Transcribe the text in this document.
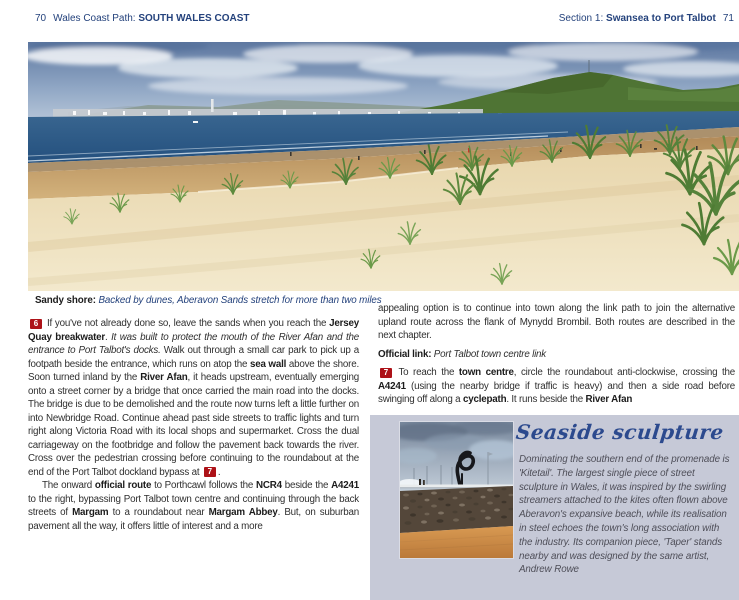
70 Wales Coast Path: SOUTH WALES COAST	Section 1: Swansea to Port Talbot 71
Sandy shore: Backed by dunes, Aberavon Sands stretch for more than two miles

6 If you've not already done so, leave the sands when you reach the Jersey Quay breakwater. It was built to protect the mouth of the River Afan and the entrance to Port Talbot's docks. Walk out through a small car park to pick up a footpath beside the entrance, which runs on atop the sea wall above the shore. Soon turned inland by the River Afan, it heads upstream, eventually emerging onto a street corner by a bridge that once carried the main road into the docks. The bridge is due to be demolished and the route now turns left a little further on into Newbridge Road. Continue ahead past side streets to traffic lights and turn right along Victoria Road with its local shops and supermarket. Cross the dual carriageway on the footbridge and follow the pavement back towards the river. Cross over the pedestrian crossing before continuing to the roundabout at the end of the Port Talbot dockland bypass at 7 .

The onward official route to Porthcawl follows the NCR4 beside the A4241 to the right, bypassing Port Talbot town centre and continuing through the back streets of Margam to a roundabout near Margam Abbey. But, on suburban pavement all the way, it offers little of interest and a more

appealing option is to continue into town along the link path to join the alternative upland route across the flank of Mynydd Brombil. Both routes are described in the next chapter.

Official link: Port Talbot town centre link

7 To reach the town centre, circle the roundabout anti-clockwise, crossing the A4241 (using the nearby bridge if traffic is heavy) and then a side road before swinging off along a cyclepath. It runs beside the River Afan

Seaside sculpture
Dominating the southern end of the promenade is 'Kitetail'. The largest single piece of street sculpture in Wales, it was inspired by the swirling streamers attached to the kites often flown above Aberavon's expansive beach, while its realisation in steel echoes the town's long association with the industry. Its companion piece, 'Taper' stands nearby and was designed by the same artist, Andrew Rowe
